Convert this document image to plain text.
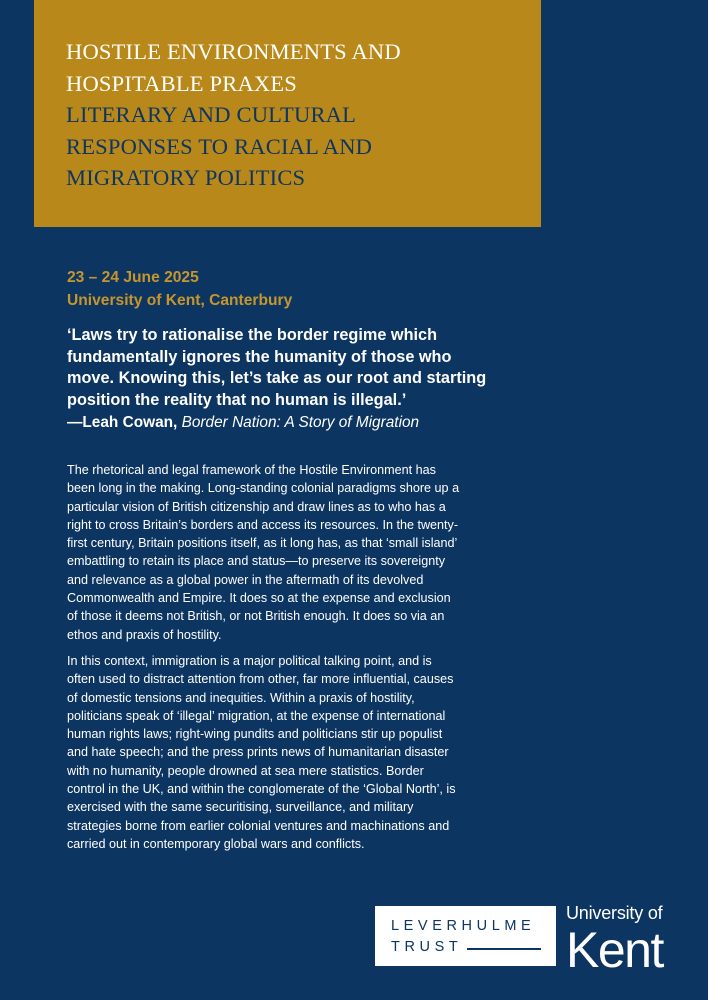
HOSTILE ENVIRONMENTS AND
HOSPITABLE PRAXES
LITERARY AND CULTURAL
RESPONSES TO RACIAL AND
MIGRATORY POLITICS
23 – 24 June 2025
University of Kent, Canterbury
‘Laws try to rationalise the border regime which
fundamentally ignores the humanity of those who
move. Knowing this, let’s take as our root and starting
position the reality that no human is illegal.’
—Leah Cowan, Border Nation: A Story of Migration
The rhetorical and legal framework of the Hostile Environment has
been long in the making. Long-standing colonial paradigms shore up a
particular vision of British citizenship and draw lines as to who has a
right to cross Britain’s borders and access its resources. In the twenty-
first century, Britain positions itself, as it long has, as that ‘small island’
embattling to retain its place and status—to preserve its sovereignty
and relevance as a global power in the aftermath of its devolved
Commonwealth and Empire. It does so at the expense and exclusion
of those it deems not British, or not British enough. It does so via an
ethos and praxis of hostility.
In this context, immigration is a major political talking point, and is
often used to distract attention from other, far more influential, causes
of domestic tensions and inequities. Within a praxis of hostility,
politicians speak of ‘illegal’ migration, at the expense of international
human rights laws; right-wing pundits and politicians stir up populist
and hate speech; and the press prints news of humanitarian disaster
with no humanity, people drowned at sea mere statistics. Border
control in the UK, and within the conglomerate of the ‘Global North’, is
exercised with the same securitising, surveillance, and military
strategies borne from earlier colonial ventures and machinations and
carried out in contemporary global wars and conflicts.
LEVERHULME
TRUST
University of
Kent
